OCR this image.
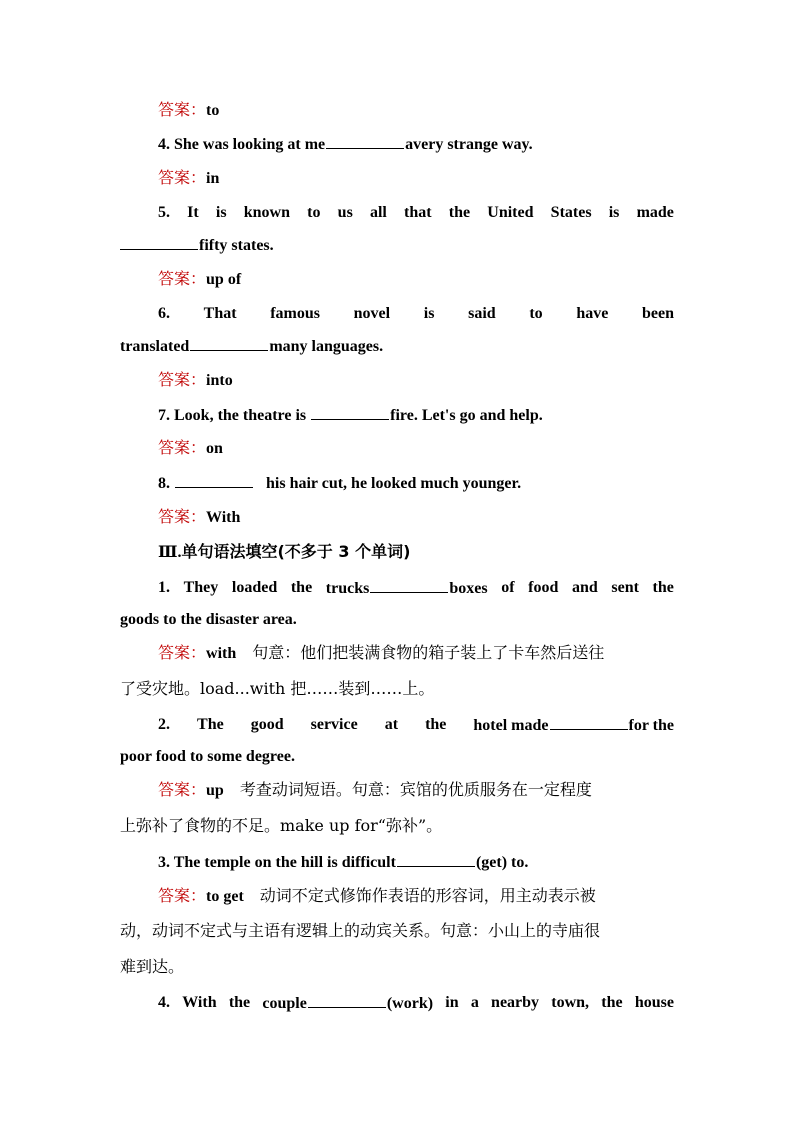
答案：to
4. She was looking at me	avery strange way.
答案：in
5. It is known to us all that the United States is made
fifty states.
答案：up of
6. That famous novel is said to have been
translated	many languages.
答案：into
7. Look, the theatre is	fire. Let's go and help.
答案：on
8.	his hair cut, he looked much younger.
答案：With
Ⅲ.单句语法填空(不多于 3 个单词)
1. They loaded the trucks	boxes of food and sent the
goods to the disaster area.
答案：with 句意：他们把装满食物的箱子装上了卡车然后送往
了受灾地。load...with 把……装到……上。
2. The good service at the hotel made	for the
poor food to some degree.
答案：up 考查动词短语。句意：宾馆的优质服务在一定程度
上弥补了食物的不足。make up for“弥补”。
3. The temple on the hill is difficult	(get) to.
答案：to get 动词不定式修饰作表语的形容词，用主动表示被
动，动词不定式与主语有逻辑上的动宾关系。句意：小山上的寺庙很
难到达。
4. With the couple	(work) in a nearby town, the house
